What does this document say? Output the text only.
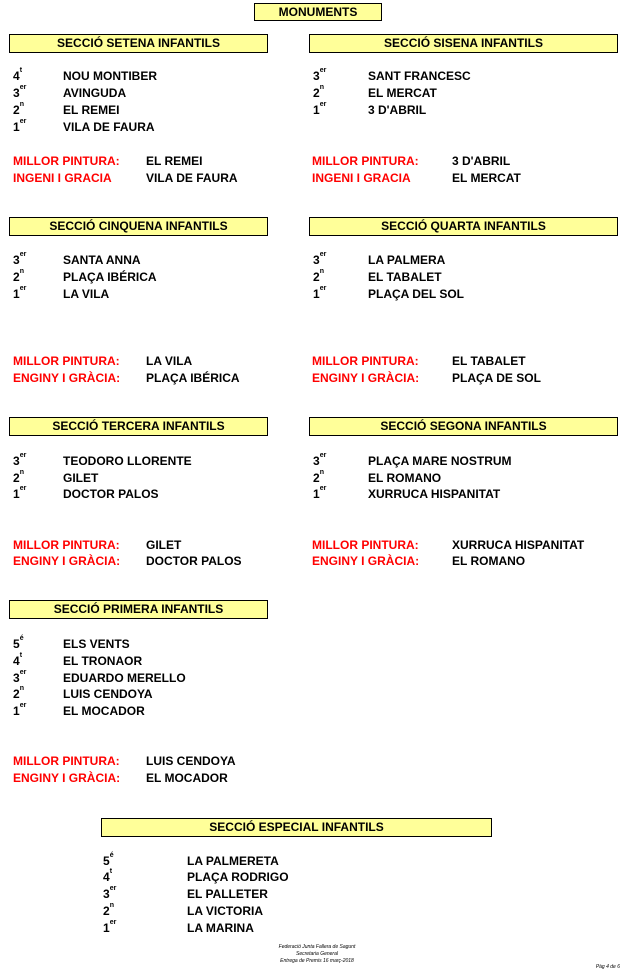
MONUMENTS
SECCIÓ SETENA INFANTILS	SECCIÓ SISENA INFANTILS
SECCIÓ CINQUENA INFANTILS	SECCIÓ QUARTA INFANTILS
SECCIÓ TERCERA INFANTILS	SECCIÓ SEGONA INFANTILS
SECCIÓ PRIMERA INFANTILS
SECCIÓ ESPECIAL INFANTILS
4$^t$	NOU MONTIBER
3er	AVINGUDA
2$^n$	EL REMEI
1er	VILA DE FAURA
3er	SANT FRANCESC
2$^n$	EL MERCAT
1er	3 D'ABRIL
MILLOR PINTURA: EL REMEI
INGENI I GRACIA	VILA DE FAURA
MILLOR PINTURA:	3 D'ABRIL
INGENI I GRACIA	EL MERCAT
3er	SANTA ANNA
2$^n$	PLAÇA IBÉRICA
1er	LA VILA
3er	LA PALMERA
2$^n$	EL TABALET
1er	PLAÇA DEL SOL
MILLOR PINTURA: LA VILA
ENGINY I GRÀCIA: PLAÇA IBÉRICA
MILLOR PINTURA:	EL TABALET
ENGINY I GRÀCIA:	PLAÇA DE SOL
3er	TEODORO LLORENTE
2$^n$	GILET
1er	DOCTOR PALOS
3er	PLAÇA MARE NOSTRUM
2$^n$	EL ROMANO
1er	XURRUCA HISPANITAT
MILLOR PINTURA: GILET
ENGINY I GRÀCIA: DOCTOR PALOS
MILLOR PINTURA:	XURRUCA HISPANITAT
ENGINY I GRÀCIA:	EL ROMANO
$5^é$	ELS VENTS
4$^t$	EL TRONAOR
3er	EDUARDO MERELLO
2$^n$	LUIS CENDOYA
1er	EL MOCADOR
MILLOR PINTURA: LUIS CENDOYA
ENGINY I GRÀCIA: EL MOCADOR
$5^é$	LA PALMERETA
4$^t$	PLAÇA RODRIGO
3er	EL PALLETER
2$^n$	LA VICTORIA
1er	LA MARINA
Federació Junta Fallera de Sagunt
Secretaria General
Entrega de Premis 16 març-2018
Pàg 4 de 6
